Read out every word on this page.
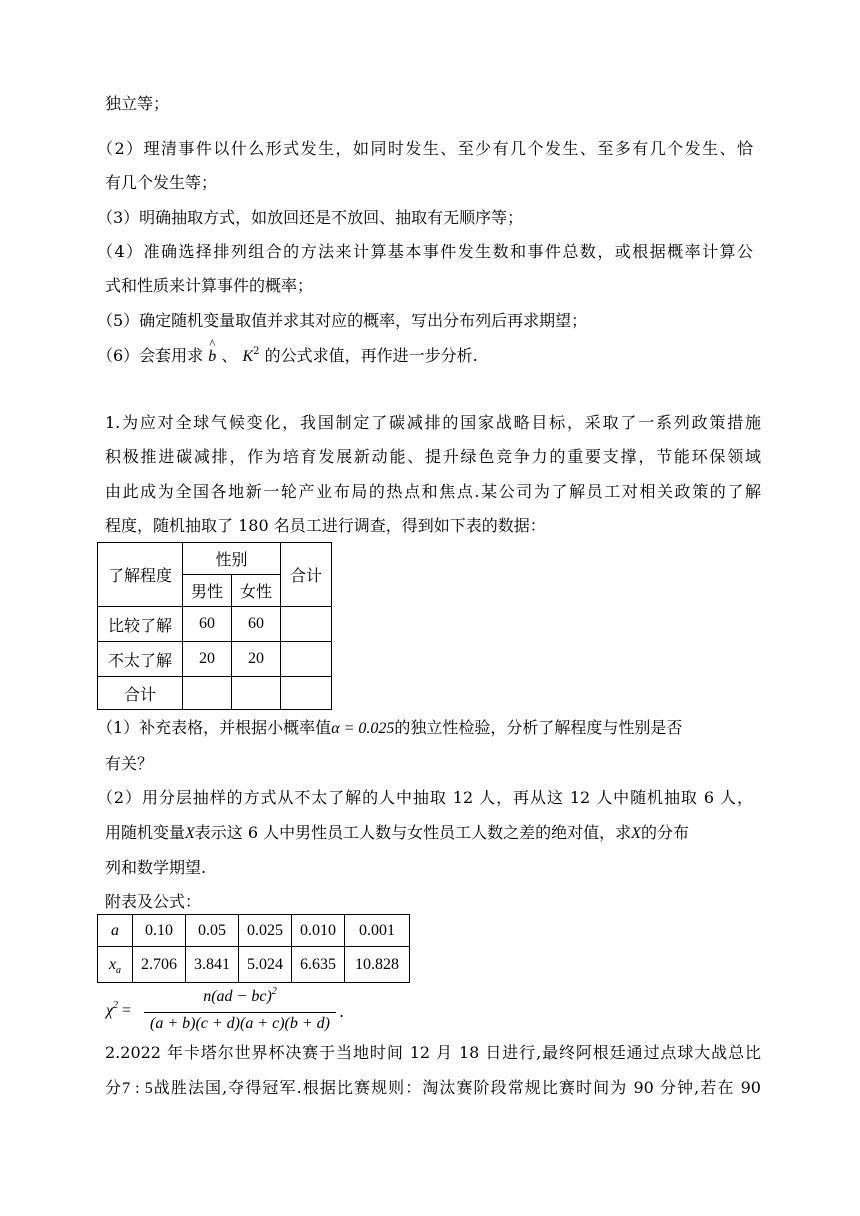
独立等；
（2）理清事件以什么形式发生，如同时发生、至少有几个发生、至多有几个发生、恰
有几个发生等；
（3）明确抽取方式，如放回还是不放回、抽取有无顺序等；
（4）准确选择排列组合的方法来计算基本事件发生数和事件总数，或根据概率计算公
式和性质来计算事件的概率；
（5）确定随机变量取值并求其对应的概率，写出分布列后再求期望；
（6）会套用求
^
b 、 $K^2$ 的公式求值，再作进一步分析.
1.为应对全球气候变化，我国制定了碳减排的国家战略目标，采取了一系列政策措施
积极推进碳减排，作为培育发展新动能、提升绿色竞争力的重要支撑，节能环保领域
由此成为全国各地新一轮产业布局的热点和焦点.某公司为了解员工对相关政策的了解
程度，随机抽取了 180 名员工进行调查，得到如下表的数据：
了解程度	性别		合计
	男性	女性	
比较了解	60	60	
不太了解	20	20	
合计			
（1）补充表格，并根据小概率值α = 0.025的独立性检验，分析了解程度与性别是否
有关？
（2）用分层抽样的方式从不太了解的人中抽取 12 人，再从这 12 人中随机抽取 6 人，
用随机变量X表示这 6 人中男性员工人数与女性员工人数之差的绝对值，求X的分布
列和数学期望.
附表及公式：
a	0.10	0.05	0.025	0.010	0.001
$x_a$	2.706	3.841	5.024	6.635	10.828
$\chi^2$ =
n(ad − bc)$^2$
(a + b)(c + d)(a + c)(b + d)
.
2.2022 年卡塔尔世界杯决赛于当地时间 12 月 18 日进行,最终阿根廷通过点球大战总比
分7 : 5战胜法国,夺得冠军.根据比赛规则：淘汰赛阶段常规比赛时间为 90 分钟,若在 90
